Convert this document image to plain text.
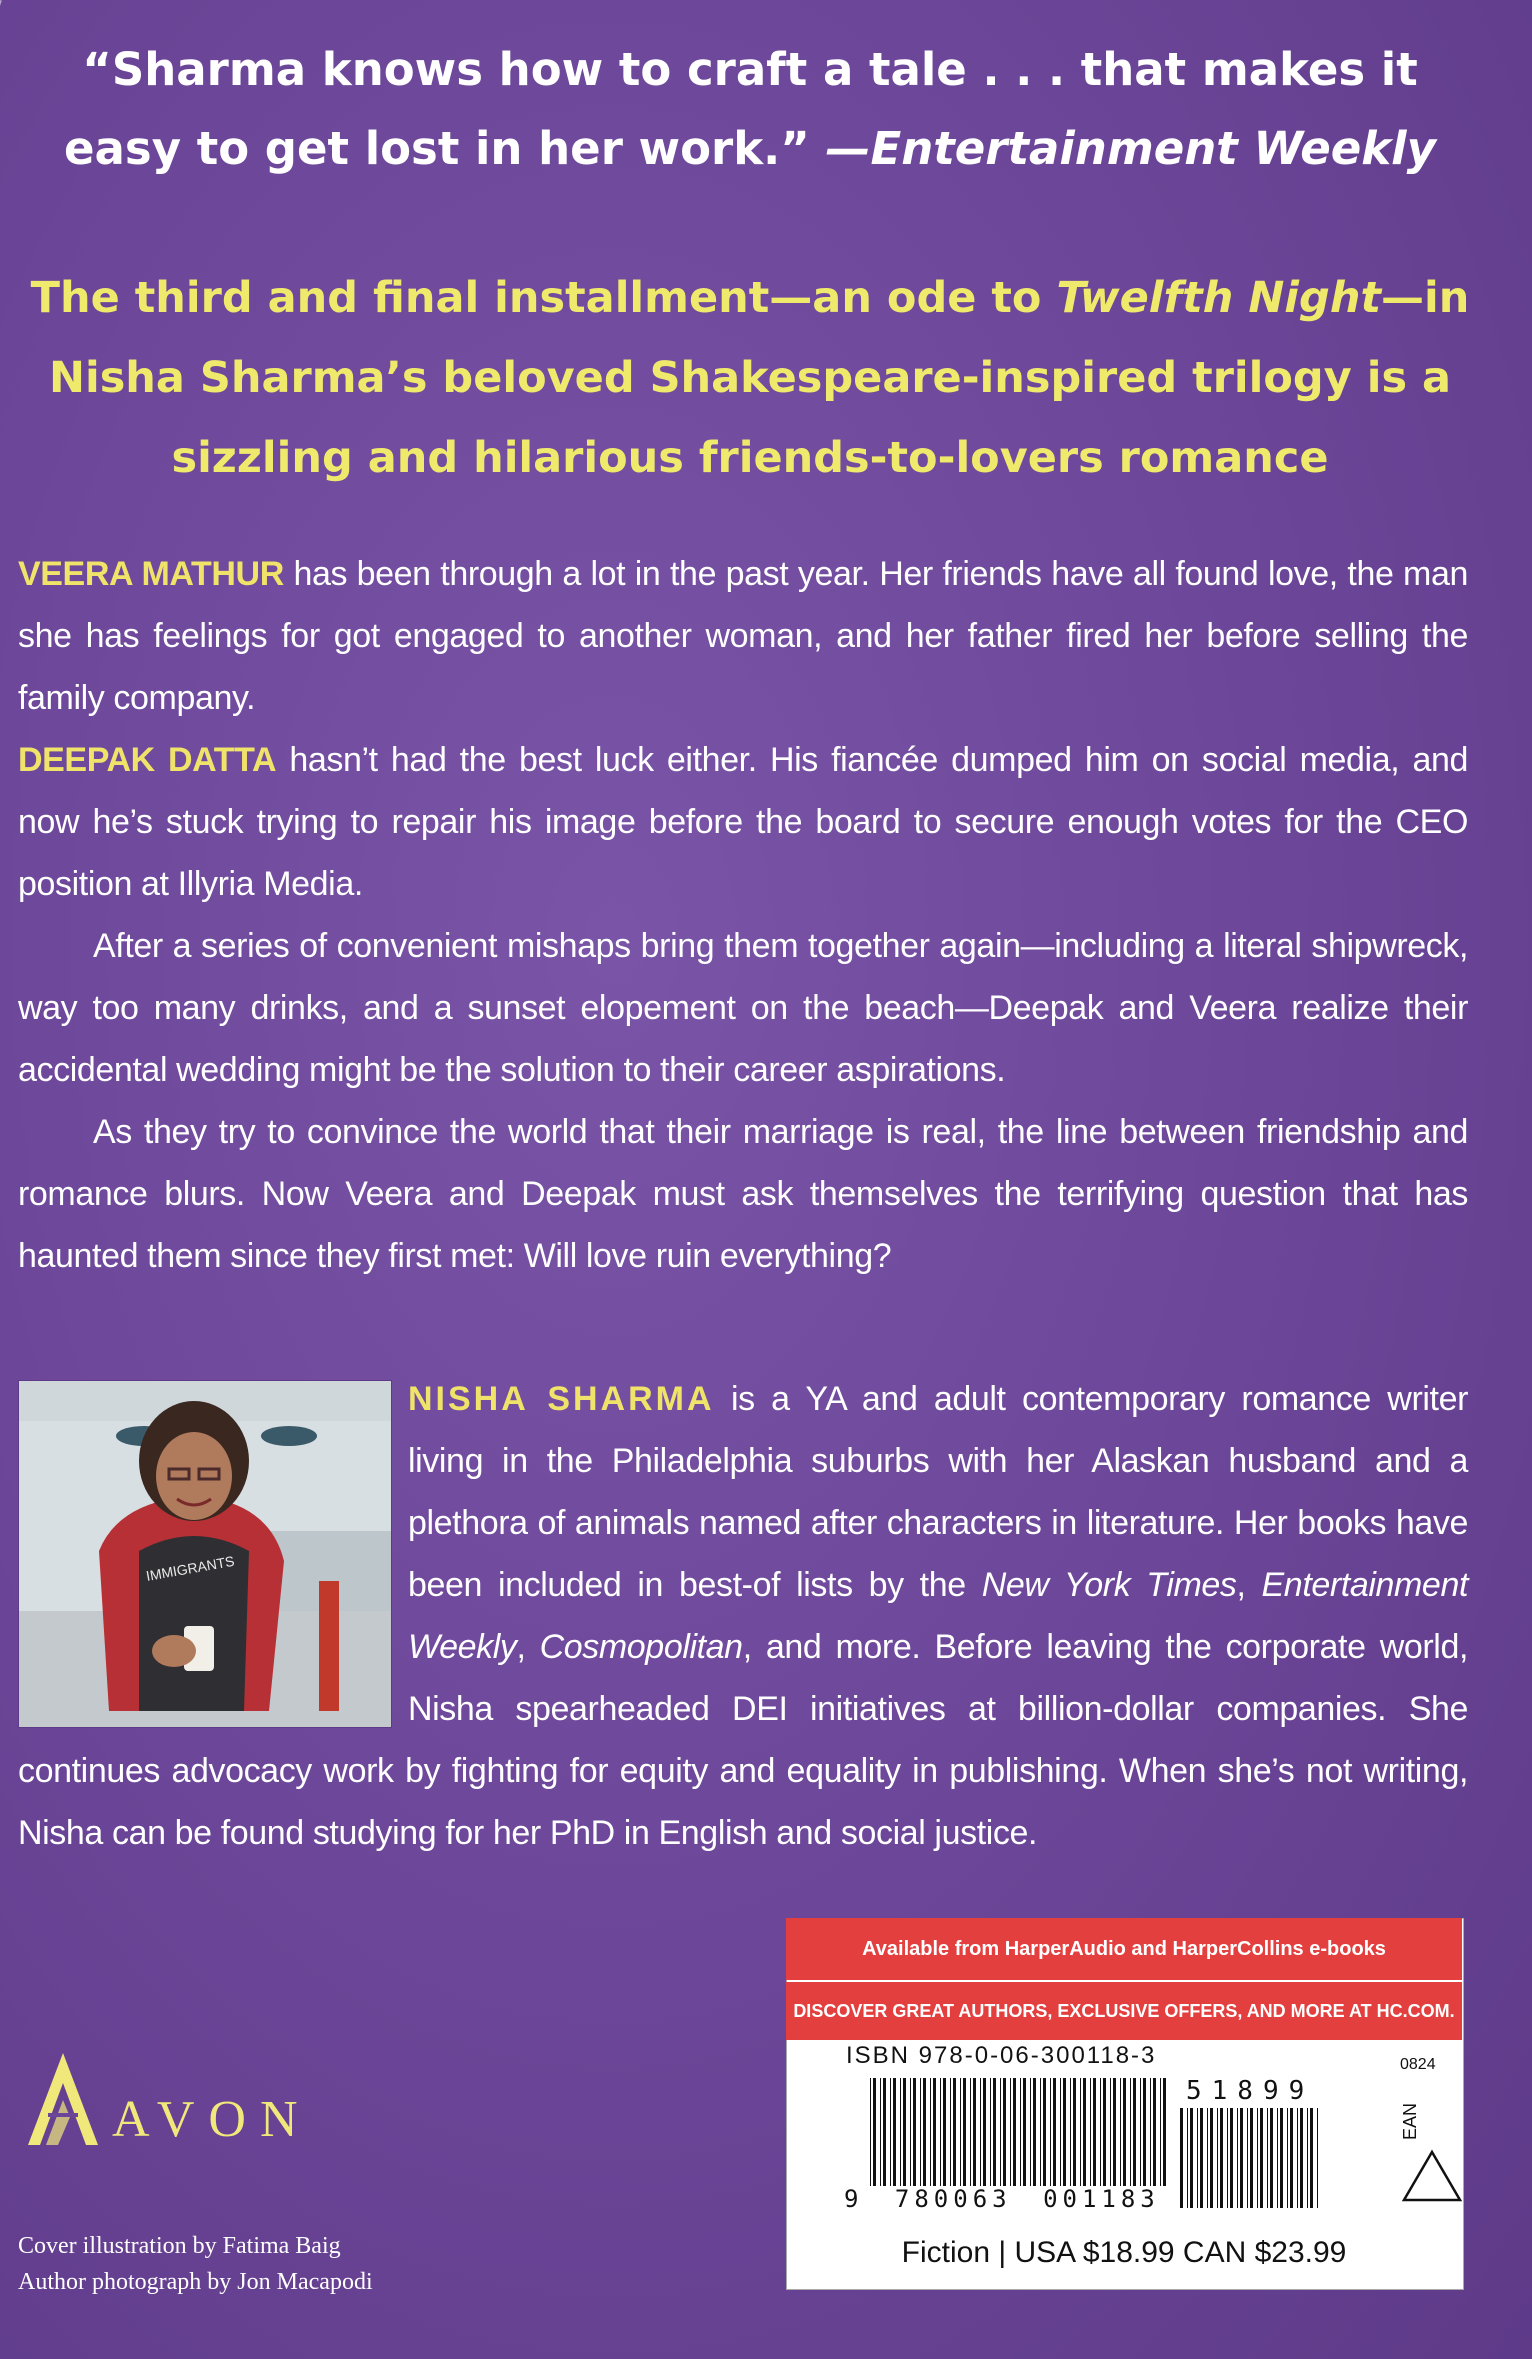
“Sharma knows how to craft a tale . . . that makes it easy to get lost in her work.” —Entertainment Weekly
The third and final installment—an ode to Twelfth Night—in Nisha Sharma’s beloved Shakespeare-inspired trilogy is a sizzling and hilarious friends-to-lovers romance

VEERA MATHUR has been through a lot in the past year. Her friends have all found love, the man she has feelings for got engaged to another woman, and her father fired her before selling the family company.

DEEPAK DATTA hasn’t had the best luck either. His fiancée dumped him on social media, and now he’s stuck trying to repair his image before the board to secure enough votes for the CEO position at Illyria Media.

After a series of convenient mishaps bring them together again—including a literal shipwreck, way too many drinks, and a sunset elopement on the beach—Deepak and Veera realize their accidental wedding might be the solution to their career aspirations.

As they try to convince the world that their marriage is real, the line between friendship and romance blurs. Now Veera and Deepak must ask themselves the terrifying question that has haunted them since they first met: Will love ruin everything?

IMMIGRANTS
NISHA SHARMA is a YA and adult contemporary romance writer living in the Philadelphia suburbs with her Alaskan husband and a plethora of animals named after characters in literature. Her books have been included in best-of lists by the New York Times, Entertainment Weekly, Cosmopolitan, and more. Before leaving the corporate world, Nisha spearheaded DEI initiatives at billion-dollar companies. She continues advocacy work by fighting for equity and equality in publishing. When she’s not writing, Nisha can be found studying for her PhD in English and social justice.
AVON
Cover illustration by Fatima Baig
Author photograph by Jon Macapodi
Available from HarperAudio and HarperCollins e-books
DISCOVER GREAT AUTHORS, EXCLUSIVE OFFERS, AND MORE AT HC.COM.
ISBN 978-0-06-300118-3	0824
51899
9 780063 001183
EAN
Fiction | USA $18.99 CAN $23.99
